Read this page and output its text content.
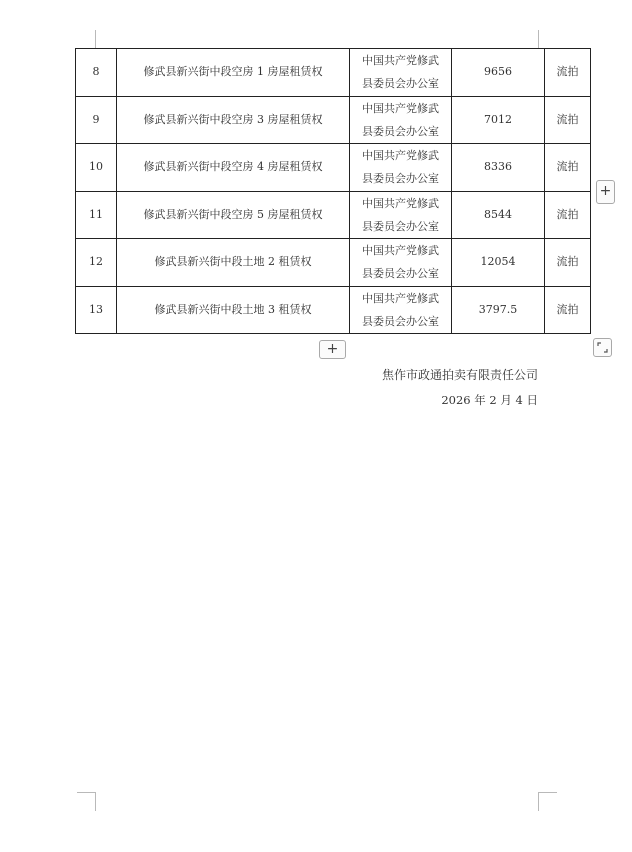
8	修武县新兴街中段空房 1 房屋租赁权	中国共产党修武
县委员会办公室	9656	流拍
9	修武县新兴街中段空房 3 房屋租赁权	中国共产党修武
县委员会办公室	7012	流拍
10	修武县新兴街中段空房 4 房屋租赁权	中国共产党修武
县委员会办公室	8336	流拍
11	修武县新兴街中段空房 5 房屋租赁权	中国共产党修武
县委员会办公室	8544	流拍
12	修武县新兴街中段土地 2 租赁权	中国共产党修武
县委员会办公室	12054	流拍
13	修武县新兴街中段土地 3 租赁权	中国共产党修武
县委员会办公室	3797.5	流拍
+
+
焦作市政通拍卖有限责任公司
2026 年 2 月 4 日
